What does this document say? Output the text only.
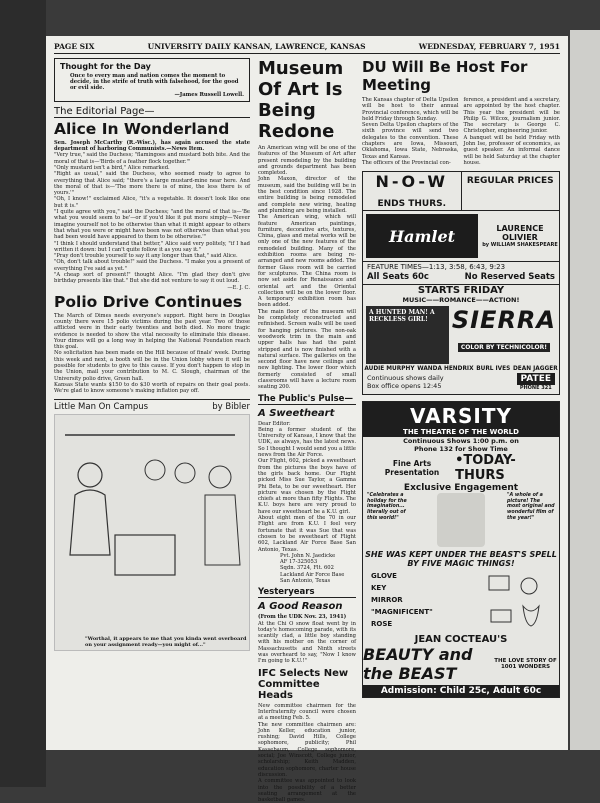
PAGE SIX	UNIVERSITY DAILY KANSAN, LAWRENCE, KANSAS	WEDNESDAY, FEBRUARY 7, 1951
Thought for the Day

Once to every man and nation comes the moment to decide, in the strife of truth with falsehood, for the good or evil side.

—James Russell Lowell.

The Editorial Page—
Alice In Wonderland
Sen. Joseph McCarthy (R.-Wisc.), has again accused the state department of harboring Communists.—News Item.
"Very true," said the Duchess; "flamingoes and mustard both bite. And the moral of that is—'Birds of a feather flock together.'"
"Only mustard isn't a bird," Alice remarked.
"Right as usual," said the Duchess, who seemed ready to agree to everything that Alice said; "there's a large mustard-mine near here. And the moral of that is—'The more there is of mine, the less there is of yours.'"
"Oh, I know!" exclaimed Alice, "it's a vegetable. It doesn't look like one but it is."
"I quite agree with you," said the Duchess; "and the moral of that is—'Be what you would seem to be'—or if you'd like it put more simply—'Never imagine yourself not to be otherwise than what it might appear to others that what you were or might have been was not otherwise than what you had been would have appeared to them to be otherwise.'"
"I think I should understand that better," Alice said very politely, "if I had written it down: but I can't quite follow it as you say it."
"Pray don't trouble yourself to say it any longer than that," said Alice.
"Oh, don't talk about trouble!" said the Duchess. "I make you a present of everything I've said as yet."
"A cheap sort of present!" thought Alice. "I'm glad they don't give birthday presents like that." But she did not venture to say it out loud.
—E. J. C.
Polio Drive Continues
The March of Dimes needs everyone's support. Right here in Douglas county there were 15 polio victims during the past year. Two of those afflicted were in their early twenties and both died. No more tragic evidence is needed to show the vital necessity to eliminate this disease. Your dimes will go a long way in helping the National Foundation reach this goal.
No solicitation has been made on the Hill because of finals' week. During this week and next, a booth will be in the Union lobby where it will be possible for students to give to this cause. If you don't happen to stop in the Union, mail your contribution to M. C. Slough, chairman of the University polio drive, Green hall.
Kansas State wants $150 to do $30 worth of repairs on their goal posts. We're glad to know someone's making inflation pay off.
Little Man On Campus	by Bibler
"Worthal, it appears to me that you kinda went overboard on your assignment ready—you might of..."
Museum Of Art Is Being Redone
An American wing will be one of the features of the Museum of Art after present remodeling by the building and grounds department has been completed.
John Maxon, director of the museum, said the building will be in the best condition since 1928. The entire building is being remodeled and complete new wiring, heating and plumbing are being installed.
The American wing, which will feature American paintings, furniture, decorative arts, textures, China, glass and metal works will be only one of the new features of the remodeled building. Many of the exhibition rooms are being re-arranged and new rooms added. The former Glass room will be carried for sculptures. The China room is now set aside for Renaissance and oriental art and the Oriental collection will be on the lower floor. A temporary exhibition room has been added.
The main floor of the museum will be completely reconstructed and refinished. Screen walls will be used for hanging pictures. The non-oak woodwork trim in the main and upper halls has had the paint stripped and is now finished with a natural surface. The galleries on the second floor have new ceilings and new lighting. The lower floor which formerly consisted of small classrooms will have a lecture room seating 200.
The Public's Pulse—
A Sweetheart
Dear Editor:
Being a former student of the University of Kansas, I know that the UDK, as always, has the latest news. So I thought I would send you a little news from the Air Force.
Our Flight, 602, picked a sweetheart from the pictures the boys have of the girls back home. Our Flight picked Miss Sue Taylor, a Gamma Phi Beta, to be our sweetheart. Her picture was chosen by the Flight chiefs at more than fifty Flights. The K.U. boys here are very proud to have our sweetheart be a K.U. girl.
About eight men of the 70 in our Flight are from K.U. I feel very fortunate that it was Sue that was chosen to be sweetheart of Flight 602, Lackland Air Force Base San Antonio, Texas.
Pvt. John N. Jaedicke
AF 17-325053
Sqdn. 3724, Flt. 602
Lackland Air Force Base
San Antonio, Texas
Yesteryears
A Good Reason
(From the UDK Nov. 23, 1941)
At the Chi O snow float went by in today's homecoming parade, with its scantily clad, a little boy standing with his mother on the corner of Massachusetts and Ninth streets was overheard to say, "Now I know I'm going to K.U.!"
IFC Selects New Committee Heads
New committee chairmen for the Interfraternity council were chosen at a meeting Feb. 5.
The new committee chairmen are: John Keller, education junior, rushing; David Hills, College sophomore, publicity; Phil Kassebaum, College sophomore, social; Joe Winscott, College junior, scholarship; Keith Madden, education sophomore, charter house discussion.
A committee was appointed to look into the possibility of a better seating arrangement at the basketball games.
DU Will Be Host For Meeting
The Kansas chapter of Delta Upsilon will be host to their annual Provincial conference, which will be held Friday through Sunday.
Seven Delta Upsilon chapters of the sixth province will send two delegates to the convention. These chapters are Iowa, Missouri, Oklahoma, Iowa State, Nebraska, Texas and Kansas.
The officers of the Provincial con-
ference, a president and a secretary, are appointed by the host chapter. This year the president will be Philip G. Wilcox, journalism junior. The secretary is George C. Christopher, engineering junior.
A banquet will be held Friday with John Ise, professor of economics, as guest speaker. An informal dance will be held Saturday at the chapter house.
N-O-W
ENDS THURS.
REGULAR PRICES
Hamlet	LAURENCE
OLIVIER
by WILLIAM SHAKESPEARE
FEATURE TIMES—1:13, 3:58, 6:43, 9:23
All Seats 60c	No Reserved Seats
STARTS FRIDAY
MUSIC——ROMANCE——ACTION!
A HUNTED MAN! A RECKLESS GIRL!	SIERRA
COLOR BY TECHNICOLOR!
AUDIE MURPHY WANDA HENDRIX BURL IVES DEAN JAGGER
Continuous shows daily
Box office opens 12:45
PATEE
PHONE 321
VARSITY
THE THEATRE OF THE WORLD
Continuous Shows 1:00 p.m. on
Phone 132 for Show Time
Fine Arts Presentation
•TODAY-THURS
Exclusive Engagement
"Celebrates a holiday for the imagination... literally out of this world!"
"A whole of a picture! The most original and wonderful film of the year!"
SHE WAS KEPT UNDER THE BEAST'S SPELL BY FIVE MAGIC THINGS!
GLOVE
KEY
MIRROR
"MAGNIFICENT"
ROSE
JEAN COCTEAU'S
BEAUTY and the BEAST
THE LOVE STORY OF 1001 WONDERS
Admission: Child 25c, Adult 60c
